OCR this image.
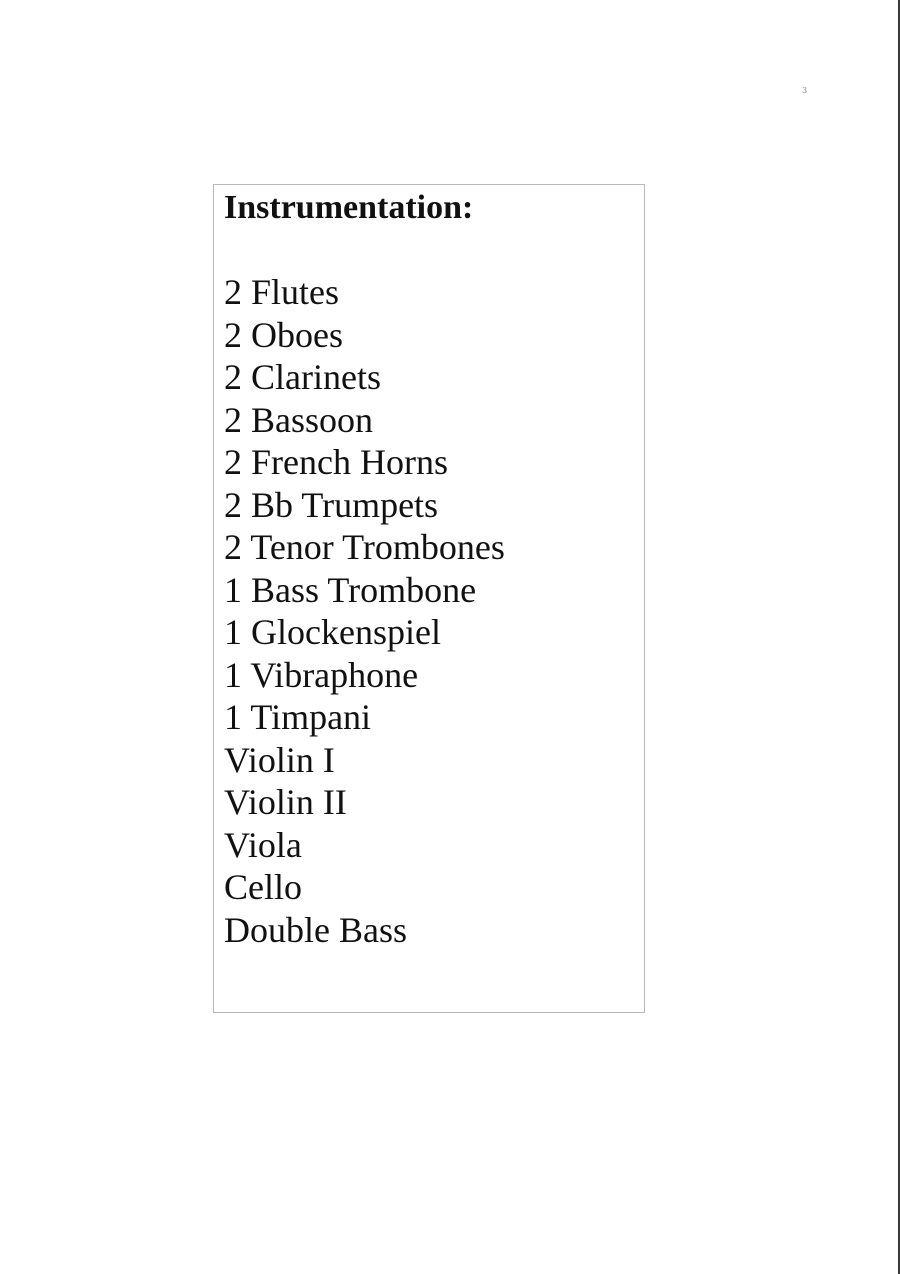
3
Instrumentation:
2 Flutes
2 Oboes
2 Clarinets
2 Bassoon
2 French Horns
2 Bb Trumpets
2 Tenor Trombones
1 Bass Trombone
1 Glockenspiel
1 Vibraphone
1 Timpani
Violin I
Violin II
Viola
Cello
Double Bass
